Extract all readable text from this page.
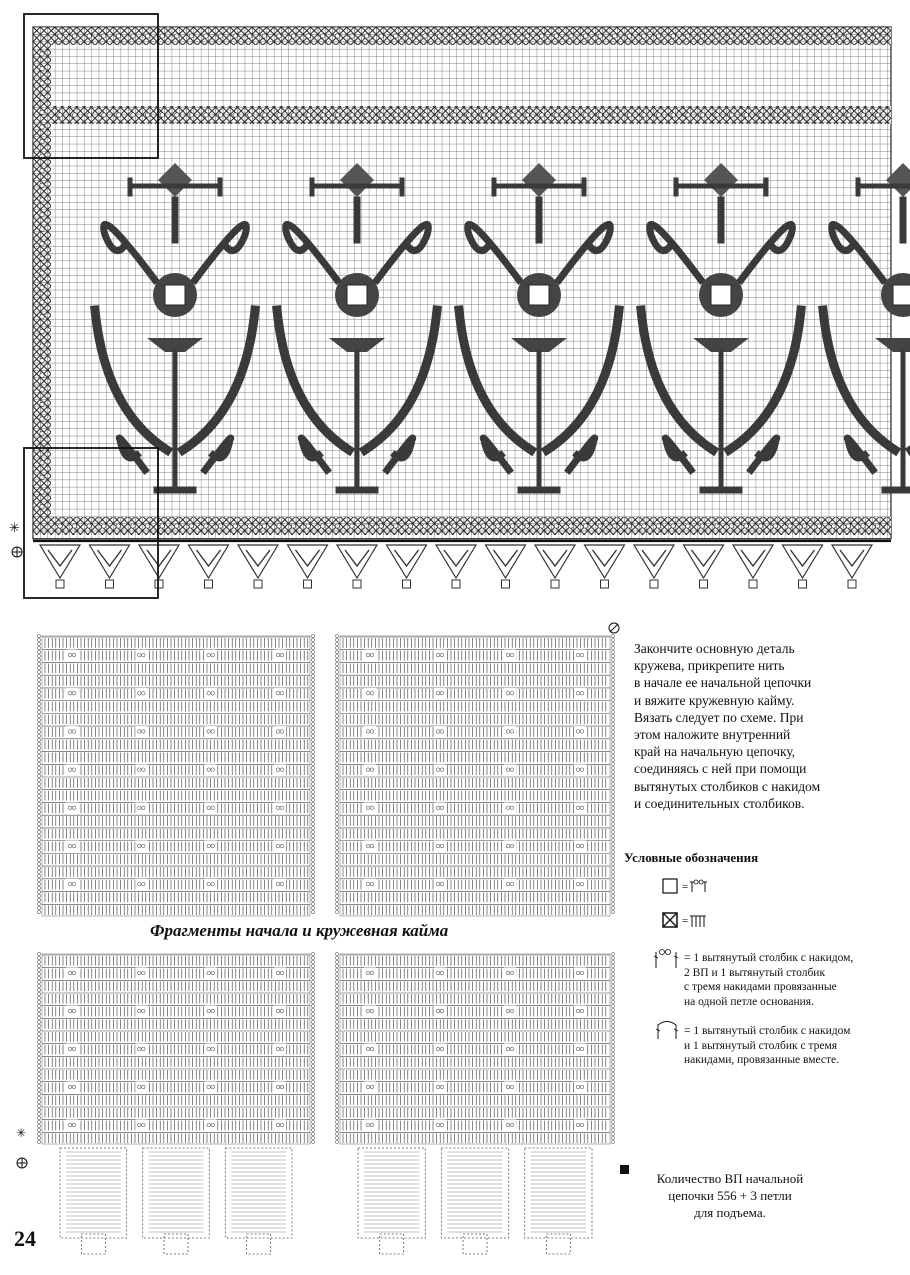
✳
✳

Закончите основную деталь

кружева, прикрепите нить

в начале ее начальной цепочки

и вяжите кружевную кайму.

Вязать следует по схеме. При

этом наложите внутренний

край на начальную цепочку,

соединяясь с ней при помощи

вытянутых столбиков с накидом

и соединительных столбиков.

Условные обозначения
=
=
= 1 вытянутый столбик с накидом,
2 ВП и 1 вытянутый столбик
с тремя накидами провязанные
на одной петле основания.
= 1 вытянутый столбик с накидом
и 1 вытянутый столбик с тремя
накидами, провязанные вместе.
Фрагменты начала и кружевная кайма
Количество ВП начальной
цепочки 556 + 3 петли
для подъема.
24
